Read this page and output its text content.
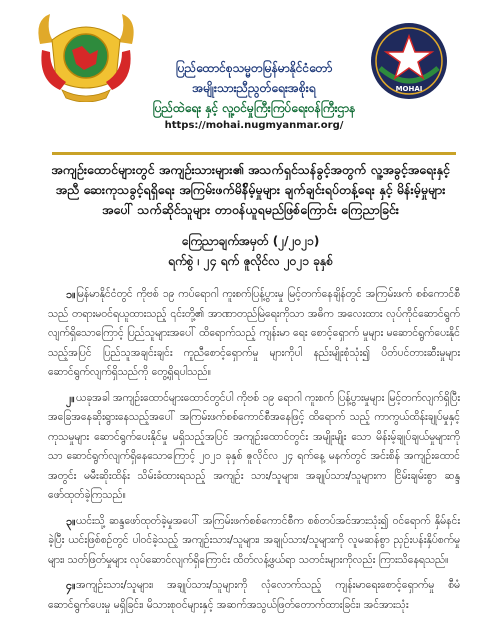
ပြည်ထောင်စုသမ္မတမြန်မာနိုင်ငံတော်
အမျိုးသားညီညွတ်ရေးအစိုးရ
ပြည်ထဲရေး နှင့် လူ့ဝင်မှုကြီးကြပ်ရေးဝန်ကြီးဌာန
https://mohai.nugmyanmar.org/
MOHAI
အကျဉ်းထောင်များတွင် အကျဉ်းသားများ၏ အသက်ရှင်သန်ခွင့်အတွက် လူ့အခွင့်အရေးနှင့်အညီ ဆေးကုသခွင့်ရရှိရေး အကြမ်းဖက်မိန်ိမ့်မှုများ ချက်ချင်းရပ်တန့်ရေး နှင့် မိန်းမ့်မှုများအပေါ် သက်ဆိုင်သူများ တာဝန်ယူရမည်ဖြစ်ကြောင်း ကြေညာခြင်း
ကြေညာချက်အမှတ် (၂/၂၀၂၁)
ရက်စွဲ ၊ ၂၄ ရက် ဇူလိုင်လ ၂၀၂၁ ခုနှစ်
၁။ မြန်မာနိုင်ငံတွင် ကိုဗစ် ၁၉ ကပ်ရောဂါ ကူးစက်ပြန့်ပွားမှု မြင့်တက်နေချိန်တွင် အကြမ်းဖက် စစ်ကောင်စီသည် တရားမဝင်ရယူထားသည့် ၎င်းတို့၏ အာဏာတည်မြဲရေးကိုသာ အဓိက အလေးထား လုပ်ကိုင်ဆောင်ရွက်လျက်ရှိသောကြောင့် ပြည်သူများအပေါ် ထိရောက်သည့် ကျန်းမာ ရေး စောင့်ရှောက် မှုများ မဆောင်ရွက်ပေးနိုင်သည့်အပြင် ပြည်သူအချင်းချင်း ကူညီစောင့်ရှောက်မှု များကိုပါ နည်းမျိုးစုံသုံး၍ ပိတ်ပင်တားဆီးမှုများ ဆောင်ရွက်လျက်ရှိသည်ကို တွေ့ရှိရပါသည်။
၂။ ယခုအခါ အကျဉ်းထောင်များထောင်တွင်ပါ ကိုဗစ် ၁၉ ရောဂါ ကူးစက် ပြန့်ပွားမှုများ မြင့်တက်လျက်ရှိပြီး အခြေအနေဆိုးရွားနေသည့်အပေါ် အကြမ်းဖက်စစ်ကောင်စီအနေဖြင့် ထိရောက် သည့် ကာကွယ်ထိန်းချုပ်မှုနှင့် ကုသမှုများ ဆောင်ရွက်ပေးနိုင်မှု မရှိသည့်အပြင် အကျဉ်းထောင်တွင်း အမျိုးမျိုး သော မိန်းမ့်ချုပ်ချယ်မှုများကိုသာ ဆောင်ရွက်လျက်ရှိနေသောကြောင့် ၂၀၂၁ ခုနှစ် ဇူလိုင်လ ၂၄ ရက်နေ့ မနက်တွင် အင်းစိန် အကျဉ်းထောင်အတွင်း မမီးဆိုးထိန်း သိမ်းခံထားရသည့် အကျဉ်း သား/သူများ၊ အချုပ်သား/သူများက ငြိမ်းချမ်းစွာ ဆန္ဒဖော်ထုတ်ခဲ့ကြသည်။
၃။ ယင်းသို့ ဆန္ဒဖော်ထုတ်ခဲ့မှုအပေါ် အကြမ်းဖက်စစ်ကောင်စီက စစ်တပ်အင်အားသုံး၍ ဝင်ရောက် နှိမ်နင်းခဲ့ပြီး ယင်းဖြစ်စဉ်တွင် ပါဝင်ခဲ့သည့် အကျဉ်းသား/သူများ၊ အချုပ်သား/သူများကို လူမဆန်စွာ ညှဉ်းပန်းနှိပ်စက်မှုများ၊ သတ်ဖြတ်မှုများ လုပ်ဆောင်လျက်ရှိကြောင်း ထိတ်လန့်ဖွယ်ရာ သတင်းများကိုလည်း ကြားသိနေရသည်။
၄။ အကျဉ်းသား/သူများ၊ အချုပ်သား/သူများကို လုံလောက်သည့် ကျန်းမာရေးစောင့်ရှောက်မှု စီမံ ဆောင်ရွက်ပေးမှု မရှိခြင်း၊ မိသားစုဝင်များနှင့် အဆက်အသွယ်ဖြတ်တောက်ထားခြင်း၊ အင်အားသုံး
